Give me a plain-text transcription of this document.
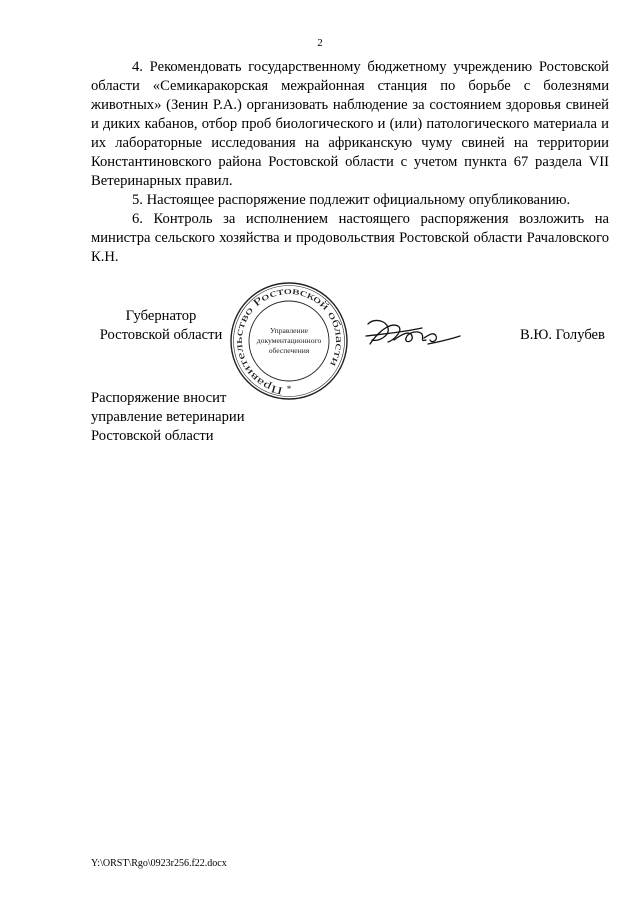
2

4. Рекомендовать государственному бюджетному учреждению Ростовской области «Семикаракорская межрайонная станция по борьбе с болезнями животных» (Зенин Р.А.) организовать наблюдение за состоянием здоровья свиней и диких кабанов, отбор проб биологического и (или) патологического материала и их лабораторные исследования на африканскую чуму свиней на территории Константиновского района Ростовской области с учетом пункта 67 раздела VII Ветеринарных правил.

5. Настоящее распоряжение подлежит официальному опубликованию.

6. Контроль за исполнением настоящего распоряжения возложить на министра сельского хозяйства и продовольствия Ростовской области Рачаловского К.Н.

Губернатор
Ростовской области
Правительство Ростовской области
Управление
документационного
обеспечения
*
В.Ю. Голубев
Распоряжение вносит
управление ветеринарии
Ростовской области
Y:\ORST\Rgo\0923r256.f22.docx
